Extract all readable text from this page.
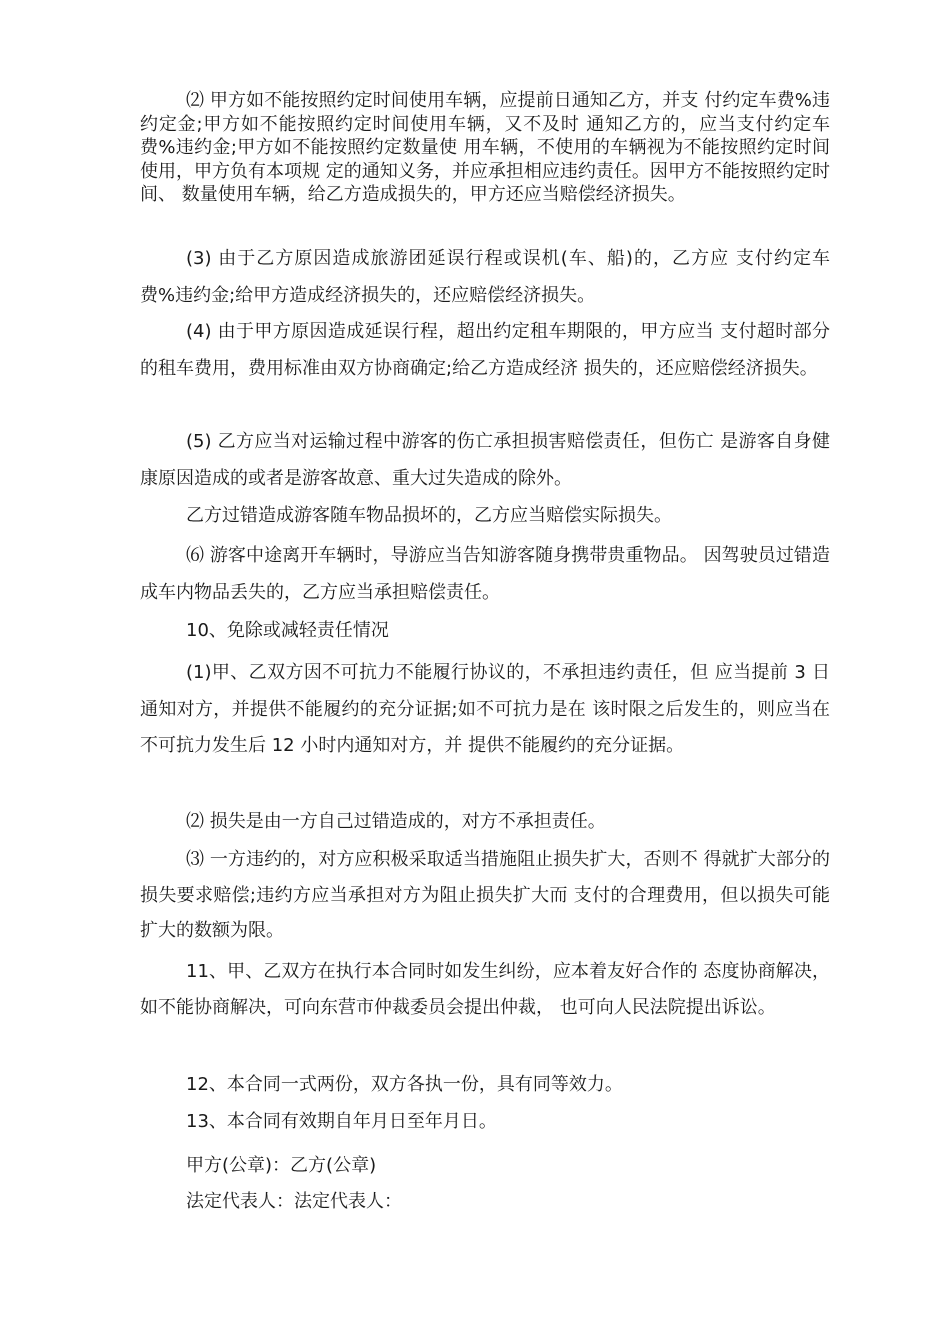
⑵ 甲方如不能按照约定时间使用车辆，应提前日通知乙方，并支 付约定车费%违约定金;甲方如不能按照约定时间使用车辆，又不及时 通知乙方的，应当支付约定车费%违约金;甲方如不能按照约定数量使 用车辆，不使用的车辆视为不能按照约定时间使用，甲方负有本项规 定的通知义务，并应承担相应违约责任。因甲方不能按照约定时间、 数量使用车辆，给乙方造成损失的，甲方还应当赔偿经济损失。

(3) 由于乙方原因造成旅游团延误行程或误机(车、船)的，乙方应 支付约定车费%违约金;给甲方造成经济损失的，还应赔偿经济损失。

(4) 由于甲方原因造成延误行程，超出约定租车期限的，甲方应当 支付超时部分的租车费用，费用标准由双方协商确定;给乙方造成经济 损失的，还应赔偿经济损失。

(5) 乙方应当对运输过程中游客的伤亡承担损害赔偿责任，但伤亡 是游客自身健康原因造成的或者是游客故意、重大过失造成的除外。

乙方过错造成游客随车物品损坏的，乙方应当赔偿实际损失。

⑹ 游客中途离开车辆时，导游应当告知游客随身携带贵重物品。 因驾驶员过错造成车内物品丢失的，乙方应当承担赔偿责任。

10、免除或减轻责任情况

(1)甲、乙双方因不可抗力不能履行协议的，不承担违约责任，但 应当提前 3 日通知对方，并提供不能履约的充分证据;如不可抗力是在 该时限之后发生的，则应当在不可抗力发生后 12 小时内通知对方，并 提供不能履约的充分证据。

⑵ 损失是由一方自己过错造成的，对方不承担责任。

⑶ 一方违约的，对方应积极采取适当措施阻止损失扩大，否则不 得就扩大部分的损失要求赔偿;违约方应当承担对方为阻止损失扩大而 支付的合理费用，但以损失可能扩大的数额为限。

11、甲、乙双方在执行本合同时如发生纠纷，应本着友好合作的 态度协商解决，如不能协商解决，可向东营市仲裁委员会提出仲裁， 也可向人民法院提出诉讼。

12、本合同一式两份，双方各执一份，具有同等效力。

13、本合同有效期自年月日至年月日。

甲方(公章)：乙方(公章)

法定代表人：法定代表人：
